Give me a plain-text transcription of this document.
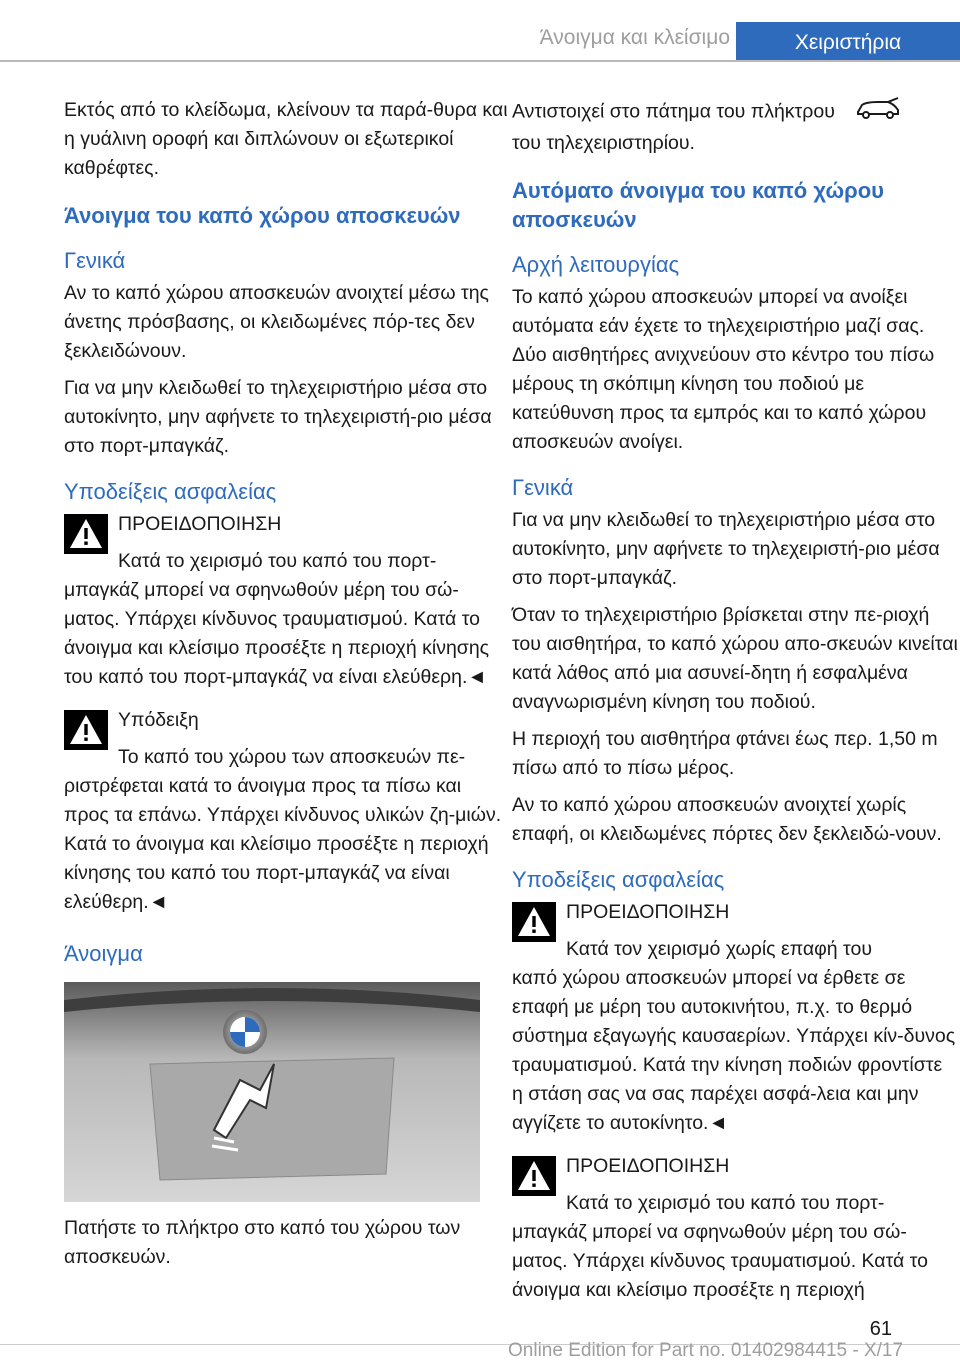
Άνοιγμα και κλείσιμο	Χειριστήρια

Εκτός από το κλείδωμα, κλείνουν τα παρά-θυρα και η γυάλινη οροφή και διπλώνουν οι εξωτερικοί καθρέφτες.

Άνοιγμα του καπό χώρου αποσκευών
Γενικά

Αν το καπό χώρου αποσκευών ανοιχτεί μέσω της άνετης πρόσβασης, οι κλειδωμένες πόρ-τες δεν ξεκλειδώνουν.

Για να μην κλειδωθεί το τηλεχειριστήριο μέσα στο αυτοκίνητο, μην αφήνετε το τηλεχειριστή-ριο μέσα στο πορτ-μπαγκάζ.

Υποδείξεις ασφαλείας

ΠΡΟΕΙΔΟΠΟΙΗΣΗ

Κατά το χειρισμό του καπό του πορτ-

μπαγκάζ μπορεί να σφηνωθούν μέρη του σώ-ματος. Υπάρχει κίνδυνος τραυματισμού. Κατά το άνοιγμα και κλείσιμο προσέξτε η περιοχή κίνησης του καπό του πορτ-μπαγκάζ να είναι ελεύθερη.◄

Υπόδειξη

Το καπό του χώρου των αποσκευών πε-

ριστρέφεται κατά το άνοιγμα προς τα πίσω και προς τα επάνω. Υπάρχει κίνδυνος υλικών ζη-μιών. Κατά το άνοιγμα και κλείσιμο προσέξτε η περιοχή κίνησης του καπό του πορτ-μπαγκάζ να είναι ελεύθερη.◄

Άνοιγμα

Πατήστε το πλήκτρο στο καπό του χώρου των αποσκευών.

Αντιστοιχεί στο πάτημα του πλήκτρου
του τηλεχειριστηρίου.

Αυτόματο άνοιγμα του καπό χώρου αποσκευών
Αρχή λειτουργίας

Το καπό χώρου αποσκευών μπορεί να ανοίξει αυτόματα εάν έχετε το τηλεχειριστήριο μαζί σας. Δύο αισθητήρες ανιχνεύουν στο κέντρο του πίσω μέρους τη σκόπιμη κίνηση του ποδιού με κατεύθυνση προς τα εμπρός και το καπό χώρου αποσκευών ανοίγει.

Γενικά

Για να μην κλειδωθεί το τηλεχειριστήριο μέσα στο αυτοκίνητο, μην αφήνετε το τηλεχειριστή-ριο μέσα στο πορτ-μπαγκάζ.

Όταν το τηλεχειριστήριο βρίσκεται στην πε-ριοχή του αισθητήρα, το καπό χώρου απο-σκευών κινείται κατά λάθος από μια ασυνεί-δητη ή εσφαλμένα αναγνωρισμένη κίνηση του ποδιού.

Η περιοχή του αισθητήρα φτάνει έως περ. 1,50 m πίσω από το πίσω μέρος.

Αν το καπό χώρου αποσκευών ανοιχτεί χωρίς επαφή, οι κλειδωμένες πόρτες δεν ξεκλειδώ-νουν.

Υποδείξεις ασφαλείας

ΠΡΟΕΙΔΟΠΟΙΗΣΗ

Κατά τον χειρισμό χωρίς επαφή του

καπό χώρου αποσκευών μπορεί να έρθετε σε επαφή με μέρη του αυτοκινήτου, π.χ. το θερμό σύστημα εξαγωγής καυσαερίων. Υπάρχει κίν-δυνος τραυματισμού. Κατά την κίνηση ποδιών φροντίστε η στάση σας να σας παρέχει ασφά-λεια και μην αγγίζετε το αυτοκίνητο.◄

ΠΡΟΕΙΔΟΠΟΙΗΣΗ

Κατά το χειρισμό του καπό του πορτ-

μπαγκάζ μπορεί να σφηνωθούν μέρη του σώ-ματος. Υπάρχει κίνδυνος τραυματισμού. Κατά το άνοιγμα και κλείσιμο προσέξτε η περιοχή

61
Online Edition for Part no. 01402984415 - X/17
